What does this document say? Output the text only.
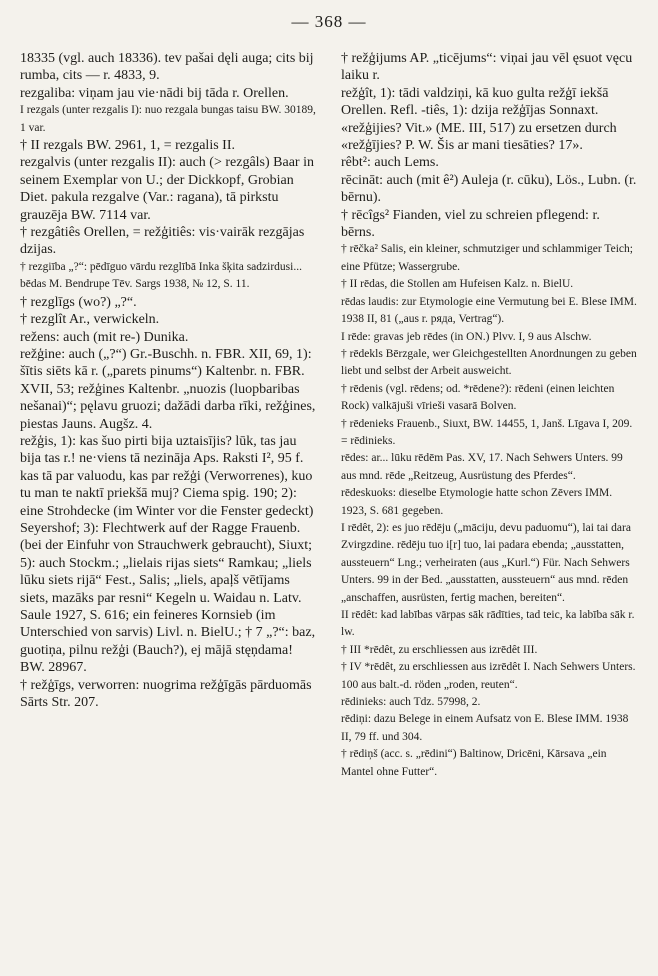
— 368 —

18335 (vgl. auch 18336). tev pašai dęli auga; cits bij rumba, cits — r. 4833, 9.

rezgaliba: viņam jau vie·nādi bij tāda r. Orellen.

I rezgals (unter rezgalis I): nuo rezgala bungas taisu BW. 30189, 1 var.

† II rezgals BW. 2961, 1, = rezgalis II.

rezgalvis (unter rezgalis II): auch (> rezgâls) Baar in seinem Exemplar von U.; der Dickkopf, Grobian Diet. pakula rezgalve (Var.: ragana), tā pirkstu grauzēja BW. 7114 var.

† rezgâtiês Orellen, = režģitiês: vis·vairāk rezgājas dzijas.

† rezgiība „?“: pēdīguo vārdu rezglībā Inka šķita sadzirdusi... bēdas M. Bendrupe Tēv. Sargs 1938, № 12, S. 11.

† rezglīgs (wo?) „?“.

† rezglît Ar., verwickeln.

režens: auch (mit re-) Dunika.

režģine: auch („?“) Gr.-Buschh. n. FBR. XII, 69, 1): šītis siēts kā r. („parets pinums“) Kaltenbr. n. FBR. XVII, 53; režģines Kaltenbr. „nuozis (luopbaribas nešanai)“; pęlavu gruozi; dažādi darba rīki, režģines, piestas Jauns. Augšz. 4.

režģis, 1): kas šuo pirti bija uztaisījis? lūk, tas jau bija tas r.! ne·viens tā nezināja Aps. Raksti I², 95 f. kas tā par valuodu, kas par režģi (Verworrenes), kuo tu man te naktī priekšā muj? Ciema spig. 190; 2): eine Strohdecke (im Winter vor die Fenster gedeckt) Seyershof; 3): Flechtwerk auf der Ragge Frauenb. (bei der Einfuhr von Strauchwerk gebraucht), Siuxt; 5): auch Stockm.; „lielais rijas siets“ Ramkau; „liels lūku siets rijā“ Fest., Salis; „liels, apaļš vētījams siets, mazāks par resni“ Kegeln u. Waidau n. Latv. Saule 1927, S. 616; ein feineres Kornsieb (im Unterschied von sarvis) Livl. n. BielU.; † 7 „?“: baz, guotiņa, pilnu režģi (Bauch?), ej mājā stęņdama! BW. 28967.

† režģīgs, verworren: nuogrima režģīgās pārduomās Sārts Str. 207.

† režģijums AP. „ticējums“: viņai jau vēl ęsuot vęcu laiku r.

režģît, 1): tādi valdziņi, kā kuo gulta režģī iekšā Orellen. Refl. -tiês, 1): dzija režģījas Sonnaxt. «režģijies? Vit.» (ME. III, 517) zu ersetzen durch «režģījies? P. W. Šis ar mani tiesāties? 17».

rêbt²: auch Lems.

rēcināt: auch (mit ê²) Auleja (r. cūku), Lös., Lubn. (r. bērnu).

† rēcîgs² Fianden, viel zu schreien pflegend: r. bērns.

† rēčka² Salis, ein kleiner, schmutziger und schlammiger Teich; eine Pfütze; Wassergrube.

† II rēdas, die Stollen am Hufeisen Kalz. n. BielU.

rēdas laudis: zur Etymologie eine Vermutung bei E. Blese IMM. 1938 II, 81 („aus r. ряда, Vertrag“).

I rēde: gravas jeb rēdes (in ON.) Plvv. I, 9 aus Alschw.

† rēdekls Bērzgale, wer Gleichgestellten Anordnungen zu geben liebt und selbst der Arbeit ausweicht.

† rēdenis (vgl. rēdens; od. *rēdene?): rēdeni (einen leichten Rock) valkājuši vīrieši vasarā Bolven.

† rēdenieks Frauenb., Siuxt, BW. 14455, 1, Janš. Līgava I, 209. = rēdinieks.

rēdes: ar... lūku rēdēm Pas. XV, 17. Nach Sehwers Unters. 99 aus mnd. rēde „Reitzeug, Ausrüstung des Pferdes“.

rēdeskuoks: dieselbe Etymologie hatte schon Zēvers IMM. 1923, S. 681 gegeben.

I rēdêt, 2): es juo rēdēju („māciju, devu paduomu“), lai tai dara Zvirgzdine. rēdēju tuo i[r] tuo, lai padara ebenda; „ausstatten, aussteuern“ Lng.; verheiraten (aus „Kurl.“) Für. Nach Sehwers Unters. 99 in der Bed. „ausstatten, aussteuern“ aus mnd. rēden „anschaffen, ausrüsten, fertig machen, bereiten“.

II rēdêt: kad labības vārpas sāk rādīties, tad teic, ka labība sāk r. lw.

† III *rēdêt, zu erschliessen aus izrēdêt III.

† IV *rēdêt, zu erschliessen aus izrēdêt I. Nach Sehwers Unters. 100 aus balt.-d. röden „roden, reuten“.

rēdinieks: auch Tdz. 57998, 2.

rēdiņi: dazu Belege in einem Aufsatz von E. Blese IMM. 1938 II, 79 ff. und 304.

† rēdiņš (acc. s. „rēdini“) Baltinow, Dricēni, Kārsava „ein Mantel ohne Futter“.
